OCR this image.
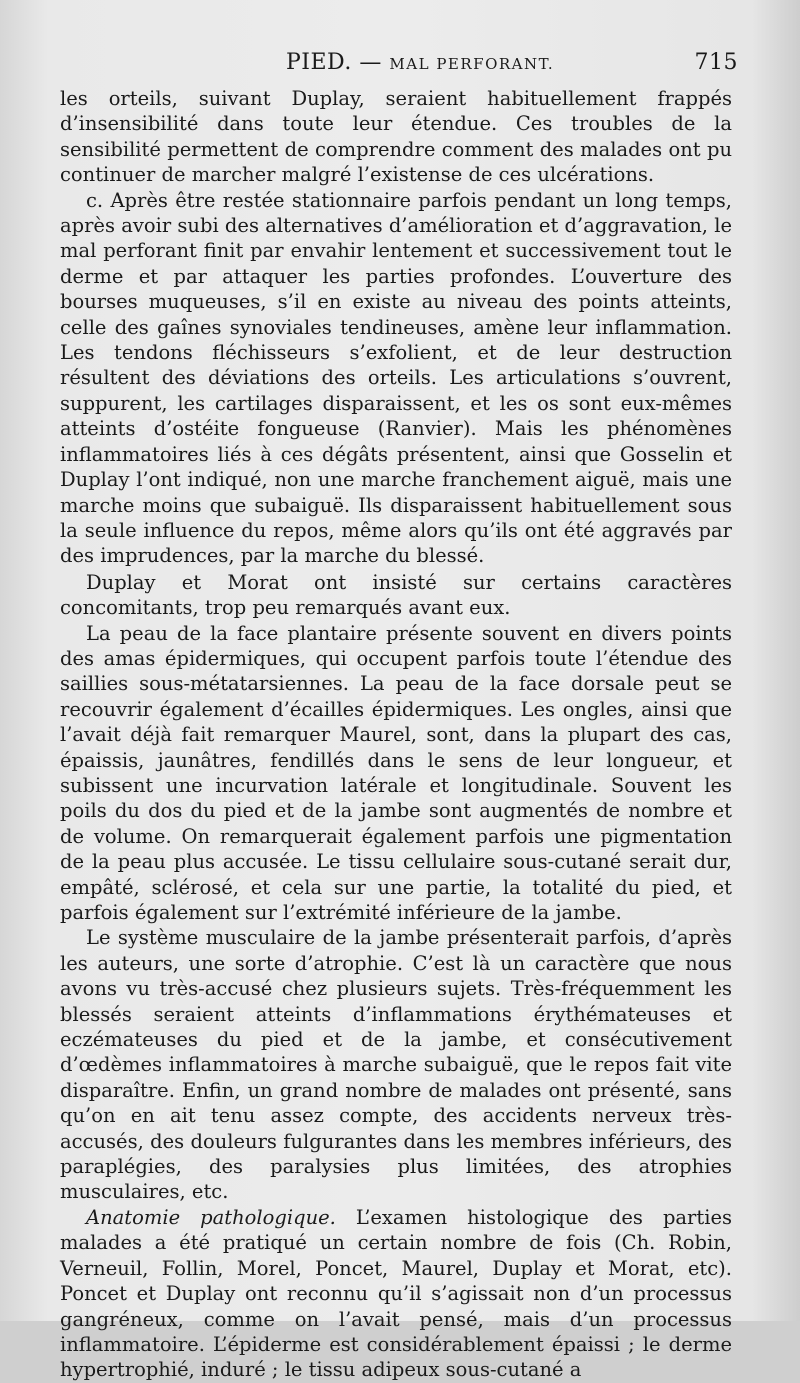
PIED. — MAL PERFORANT.	715

les orteils, suivant Duplay, seraient habituellement frappés d’insensibilité dans toute leur étendue. Ces troubles de la sensibilité permettent de comprendre comment des malades ont pu continuer de marcher malgré l’existense de ces ulcérations.

c. Après être restée stationnaire parfois pendant un long temps, après avoir subi des alternatives d’amélioration et d’aggravation, le mal perforant finit par envahir lentement et successivement tout le derme et par attaquer les parties profondes. L’ouverture des bourses muqueuses, s’il en existe au niveau des points atteints, celle des gaînes synoviales tendineuses, amène leur inflammation. Les tendons fléchisseurs s’exfolient, et de leur destruction résultent des déviations des orteils. Les articulations s’ouvrent, suppurent, les cartilages disparaissent, et les os sont eux-mêmes atteints d’ostéite fongueuse (Ranvier). Mais les phénomènes inflammatoires liés à ces dégâts présentent, ainsi que Gosselin et Duplay l’ont indiqué, non une marche franchement aiguë, mais une marche moins que subaiguë. Ils disparaissent habituellement sous la seule influence du repos, même alors qu’ils ont été aggravés par des imprudences, par la marche du blessé.

Duplay et Morat ont insisté sur certains caractères concomitants, trop peu remarqués avant eux.

La peau de la face plantaire présente souvent en divers points des amas épidermiques, qui occupent parfois toute l’étendue des saillies sous-métatarsiennes. La peau de la face dorsale peut se recouvrir également d’écailles épidermiques. Les ongles, ainsi que l’avait déjà fait remarquer Maurel, sont, dans la plupart des cas, épaissis, jaunâtres, fendillés dans le sens de leur longueur, et subissent une incurvation latérale et longitudinale. Souvent les poils du dos du pied et de la jambe sont augmentés de nombre et de volume. On remarquerait également parfois une pigmentation de la peau plus accusée. Le tissu cellulaire sous-cutané serait dur, empâté, sclérosé, et cela sur une partie, la totalité du pied, et parfois également sur l’extrémité inférieure de la jambe.

Le système musculaire de la jambe présenterait parfois, d’après les auteurs, une sorte d’atrophie. C’est là un caractère que nous avons vu très-accusé chez plusieurs sujets. Très-fréquemment les blessés seraient atteints d’inflammations érythémateuses et eczémateuses du pied et de la jambe, et consécutivement d’œdèmes inflammatoires à marche subaiguë, que le repos fait vite disparaître. Enfin, un grand nombre de malades ont présenté, sans qu’on en ait tenu assez compte, des accidents nerveux très-accusés, des douleurs fulgurantes dans les membres inférieurs, des paraplégies, des paralysies plus limitées, des atrophies musculaires, etc.

Anatomie pathologique. L’examen histologique des parties malades a été pratiqué un certain nombre de fois (Ch. Robin, Verneuil, Follin, Morel, Poncet, Maurel, Duplay et Morat, etc). Poncet et Duplay ont reconnu qu’il s’agissait non d’un processus gangréneux, comme on l’avait pensé, mais d’un processus inflammatoire. L’épiderme est considérablement épaissi ; le derme hypertrophié, induré ; le tissu adipeux sous-cutané a
